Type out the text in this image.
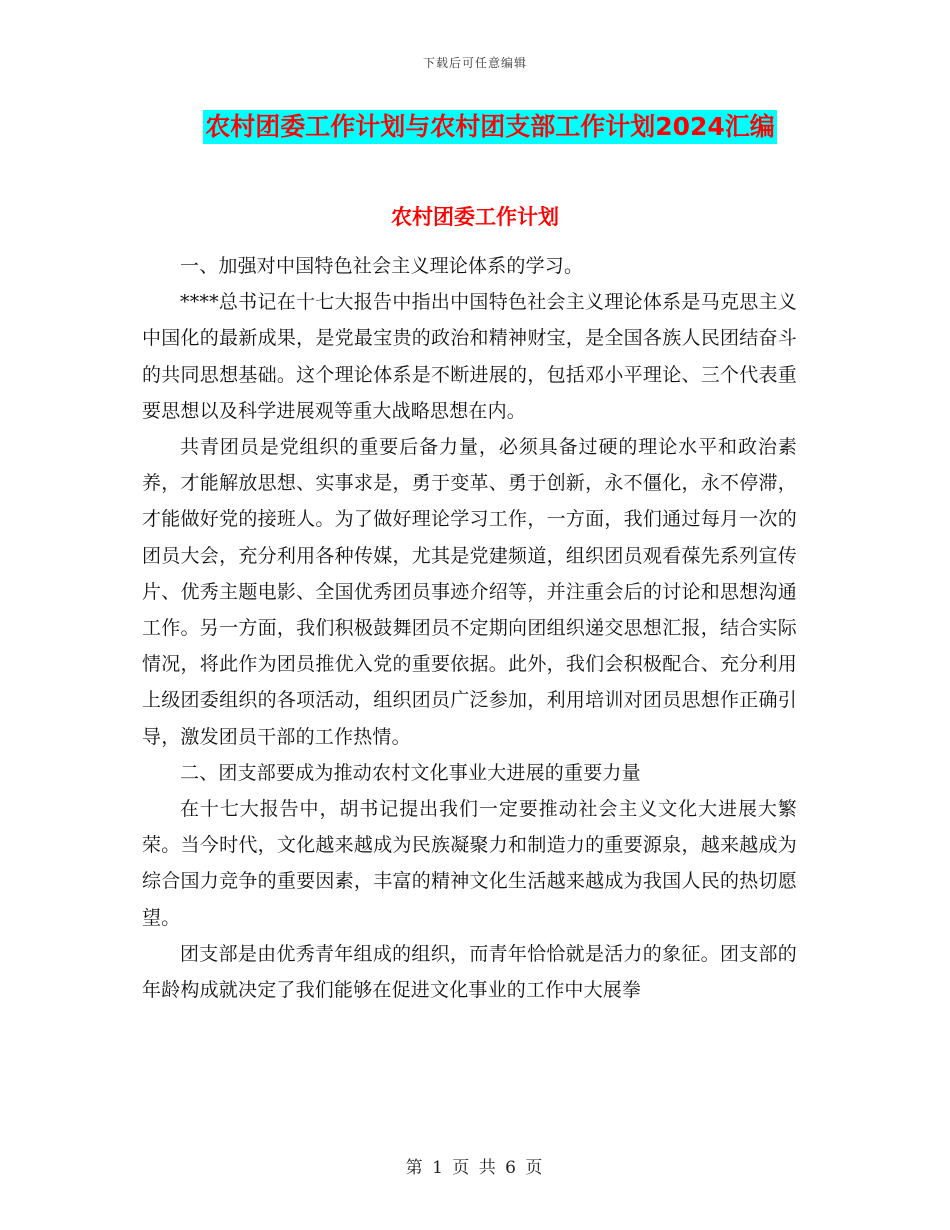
下载后可任意编辑
农村团委工作计划与农村团支部工作计划2024汇编
农村团委工作计划

一、加强对中国特色社会主义理论体系的学习。

****总书记在十七大报告中指出中国特色社会主义理论体系是马克思主义中国化的最新成果，是党最宝贵的政治和精神财宝，是全国各族人民团结奋斗的共同思想基础。这个理论体系是不断进展的，包括邓小平理论、三个代表重要思想以及科学进展观等重大战略思想在内。

共青团员是党组织的重要后备力量，必须具备过硬的理论水平和政治素养，才能解放思想、实事求是，勇于变革、勇于创新，永不僵化，永不停滞，才能做好党的接班人。为了做好理论学习工作，一方面，我们通过每月一次的团员大会，充分利用各种传媒，尤其是党建频道，组织团员观看葆先系列宣传片、优秀主题电影、全国优秀团员事迹介绍等，并注重会后的讨论和思想沟通工作。另一方面，我们积极鼓舞团员不定期向团组织递交思想汇报，结合实际情况，将此作为团员推优入党的重要依据。此外，我们会积极配合、充分利用上级团委组织的各项活动，组织团员广泛参加，利用培训对团员思想作正确引导，激发团员干部的工作热情。

二、团支部要成为推动农村文化事业大进展的重要力量

在十七大报告中，胡书记提出我们一定要推动社会主义文化大进展大繁荣。当今时代，文化越来越成为民族凝聚力和制造力的重要源泉，越来越成为综合国力竞争的重要因素，丰富的精神文化生活越来越成为我国人民的热切愿望。

团支部是由优秀青年组成的组织，而青年恰恰就是活力的象征。团支部的年龄构成就决定了我们能够在促进文化事业的工作中大展拳

第 1 页 共 6 页
